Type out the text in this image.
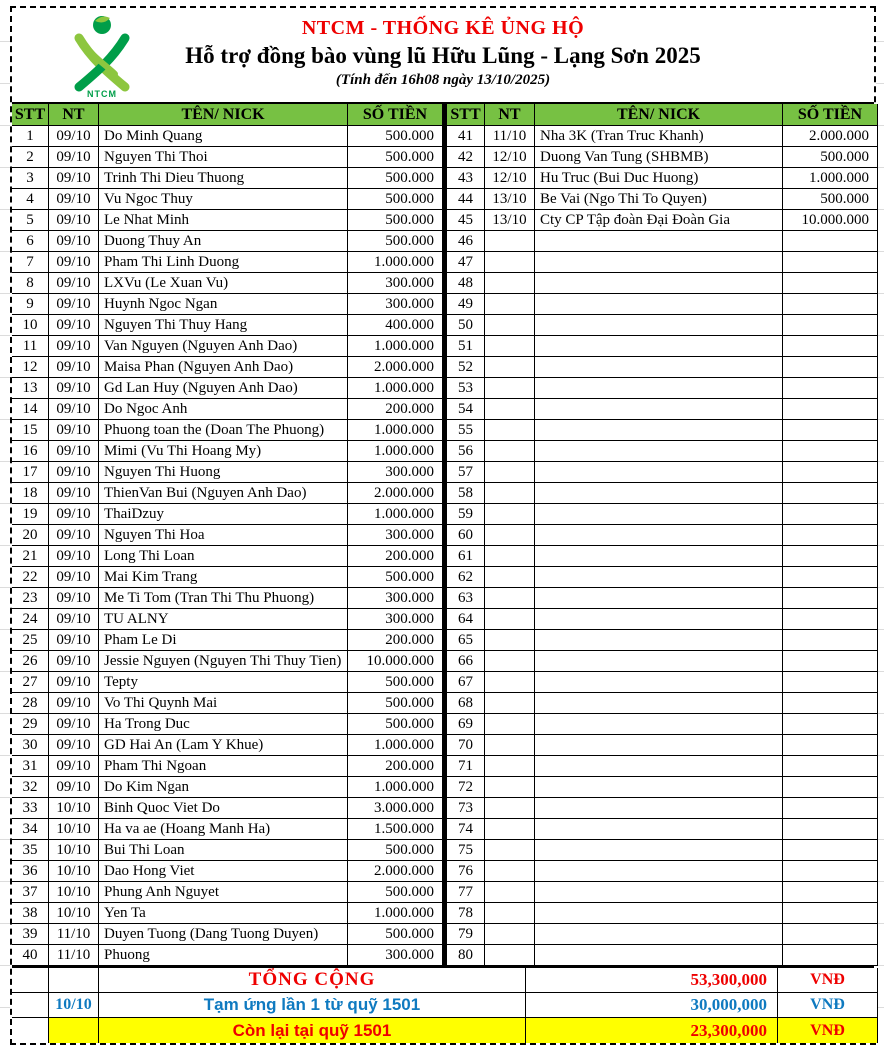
NTCM
NTCM - THỐNG KÊ ỦNG HỘ
Hỗ trợ đồng bào vùng lũ Hữu Lũng - Lạng Sơn 2025
(Tính đến 16h08 ngày 13/10/2025)
STT	NT	TÊN/ NICK	SỐ TIỀN	STT	NT	TÊN/ NICK	SỐ TIỀN
1	09/10 Do Minh Quang	500.000	41	11/10 Nha 3K (Tran Truc Khanh)	2.000.000
2	09/10 Nguyen Thi Thoi	500.000	42	12/10 Duong Van Tung (SHBMB)	500.000
3	09/10 Trinh Thi Dieu Thuong	500.000	43	12/10 Hu Truc (Bui Duc Huong)	1.000.000
4	09/10 Vu Ngoc Thuy	500.000	44	13/10 Be Vai (Ngo Thi To Quyen)	500.000
5	09/10 Le Nhat Minh	500.000	45	13/10 Cty CP Tập đoàn Đại Đoàn Gia	10.000.000
6	09/10 Duong Thuy An	500.000	46
7	09/10 Pham Thi Linh Duong	1.000.000	47
8	09/10 LXVu (Le Xuan Vu)	300.000	48
9	09/10 Huynh Ngoc Ngan	300.000	49
10	09/10 Nguyen Thi Thuy Hang	400.000	50
11	09/10 Van Nguyen (Nguyen Anh Dao)	1.000.000	51
12	09/10 Maisa Phan (Nguyen Anh Dao)	2.000.000	52
13	09/10 Gd Lan Huy (Nguyen Anh Dao)	1.000.000	53
14	09/10 Do Ngoc Anh	200.000	54
15	09/10 Phuong toan the (Doan The Phuong)	1.000.000	55
16	09/10 Mimi (Vu Thi Hoang My)	1.000.000	56
17	09/10 Nguyen Thi Huong	300.000	57
18	09/10 ThienVan Bui (Nguyen Anh Dao)	2.000.000	58
19	09/10 ThaiDzuy	1.000.000	59
20	09/10 Nguyen Thi Hoa	300.000	60
21	09/10 Long Thi Loan	200.000	61
22	09/10 Mai Kim Trang	500.000	62
23	09/10 Me Ti Tom (Tran Thi Thu Phuong)	300.000	63
24	09/10 TU ALNY	300.000	64
25	09/10 Pham Le Di	200.000	65
26	09/10 Jessie Nguyen (Nguyen Thi Thuy Tien)	10.000.000	66
27	09/10 Tepty	500.000	67
28	09/10 Vo Thi Quynh Mai	500.000	68
29	09/10 Ha Trong Duc	500.000	69
30	09/10 GD Hai An (Lam Y Khue)	1.000.000	70
31	09/10 Pham Thi Ngoan	200.000	71
32	09/10 Do Kim Ngan	1.000.000	72
33	10/10 Binh Quoc Viet Do	3.000.000	73
34	10/10 Ha va ae (Hoang Manh Ha)	1.500.000	74
35	10/10 Bui Thi Loan	500.000	75
36	10/10 Dao Hong Viet	2.000.000	76
37	10/10 Phung Anh Nguyet	500.000	77
38	10/10 Yen Ta	1.000.000	78
39	11/10 Duyen Tuong (Dang Tuong Duyen)	500.000	79
40	11/10 Phuong	300.000	80
TỔNG CỘNG	53,300,000	VNĐ
10/10	Tạm ứng lần 1 từ quỹ 1501	30,000,000	VNĐ
Còn lại tại quỹ 1501	23,300,000	VNĐ
